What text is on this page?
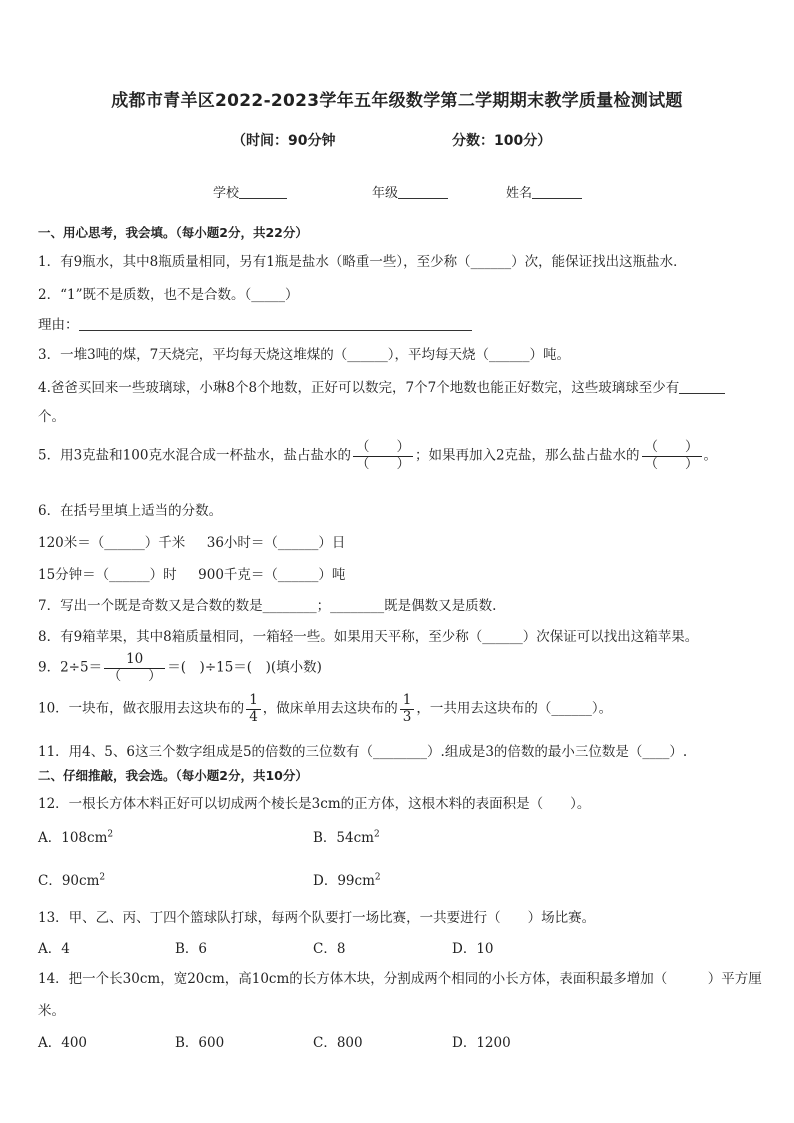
成都市青羊区2022-2023学年五年级数学第二学期期末教学质量检测试题
（时间：90分钟	分数：100分）
学校	年级	姓名
一、用心思考，我会填。（每小题2分，共22分）
1．有9瓶水，其中8瓶质量相同，另有1瓶是盐水（略重一些），至少称（______）次，能保证找出这瓶盐水．
2．“1”既不是质数，也不是合数。（_____）
理由：
3．一堆3吨的煤，7天烧完，平均每天烧这堆煤的（______），平均每天烧（______）吨。
4.爸爸买回来一些玻璃球，小琳8个8个地数，正好可以数完，7个7个地数也能正好数完，这些玻璃球至少有
个。
5．用3克盐和100克水混合成一杯盐水，盐占盐水的 $\frac{( )}{( )}$ ；如果再加入2克盐，那么盐占盐水的 $\frac{( )}{( )}$ 。
6．在括号里填上适当的分数。
120米＝（______）千米 36小时＝（______）日
15分钟＝（______）时 900千克＝（______）吨
7．写出一个既是奇数又是合数的数是________；________既是偶数又是质数.
8．有9箱苹果，其中8箱质量相同，一箱轻一些。如果用天平称，至少称（______）次保证可以找出这箱苹果。
9．$2\div 5= \frac{10}{( )}$ ＝(　)÷15＝(　)(填小数)
10．一块布，做衣服用去这块布的 $\frac{1}{4}$ ，做床单用去这块布的 $\frac{1}{3}$ ，一共用去这块布的（______）。
11．用4、5、6这三个数字组成是5的倍数的三位数有（________）.组成是3的倍数的最小三位数是（____）.
二、仔细推敲，我会选。（每小题2分，共10分）
12．一根长方体木料正好可以切成两个棱长是3cm的正方体，这根木料的表面积是（　　）。
A．$108cm^2$	B．$54cm^2$
C．$90cm^2$	D．$99cm^2$
13．甲、乙、丙、丁四个篮球队打球，每两个队要打一场比赛，一共要进行（　　）场比赛。
A．4	B．6	C．8	D．10
14．把一个长30cm，宽20cm，高10cm的长方体木块，分割成两个相同的小长方体，表面积最多增加（　　　）平方厘
米。
A．400	B．600	C．800	D．1200
